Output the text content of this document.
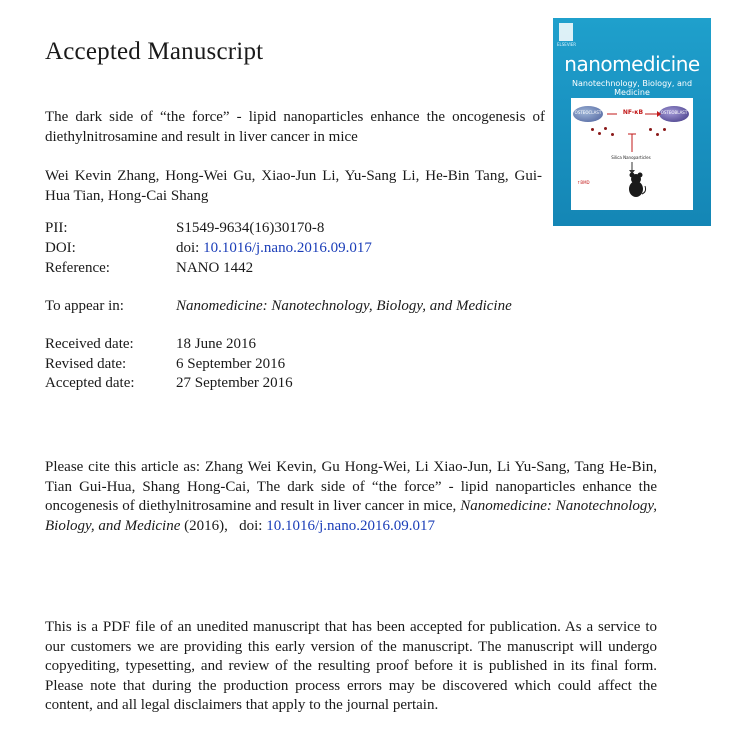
Accepted Manuscript
The dark side of “the force” - lipid nanoparticles enhance the oncogenesis of diethylnitrosamine and result in liver cancer in mice
Wei Kevin Zhang, Hong-Wei Gu, Xiao-Jun Li, Yu-Sang Li, He-Bin Tang, Gui-Hua Tian, Hong-Cai Shang
PII:	S1549-9634(16)30170-8
DOI:	doi: 10.1016/j.nano.2016.09.017
Reference:	NANO 1442
To appear in:	Nanomedicine: Nanotechnology, Biology, and Medicine
Received date:	18 June 2016
Revised date:	6 September 2016
Accepted date:	27 September 2016
Please cite this article as: Zhang Wei Kevin, Gu Hong-Wei, Li Xiao-Jun, Li Yu-Sang, Tang He-Bin, Tian Gui-Hua, Shang Hong-Cai, The dark side of “the force” - lipid nanoparticles enhance the oncogenesis of diethylnitrosamine and result in liver cancer in mice, Nanomedicine: Nanotechnology, Biology, and Medicine (2016),   doi: 10.1016/j.nano.2016.09.017
This is a PDF file of an unedited manuscript that has been accepted for publication. As a service to our customers we are providing this early version of the manuscript. The manuscript will undergo copyediting, typesetting, and review of the resulting proof before it is published in its final form. Please note that during the production process errors may be discovered which could affect the content, and all legal disclaimers that apply to the journal pertain.
ELSEVIER
nanomedicine
Nanotechnology, Biology, and Medicine
OSTEOCLAST	NF-κB	OSTEOBLAST
Silica Nanoparticles
↑BMD
